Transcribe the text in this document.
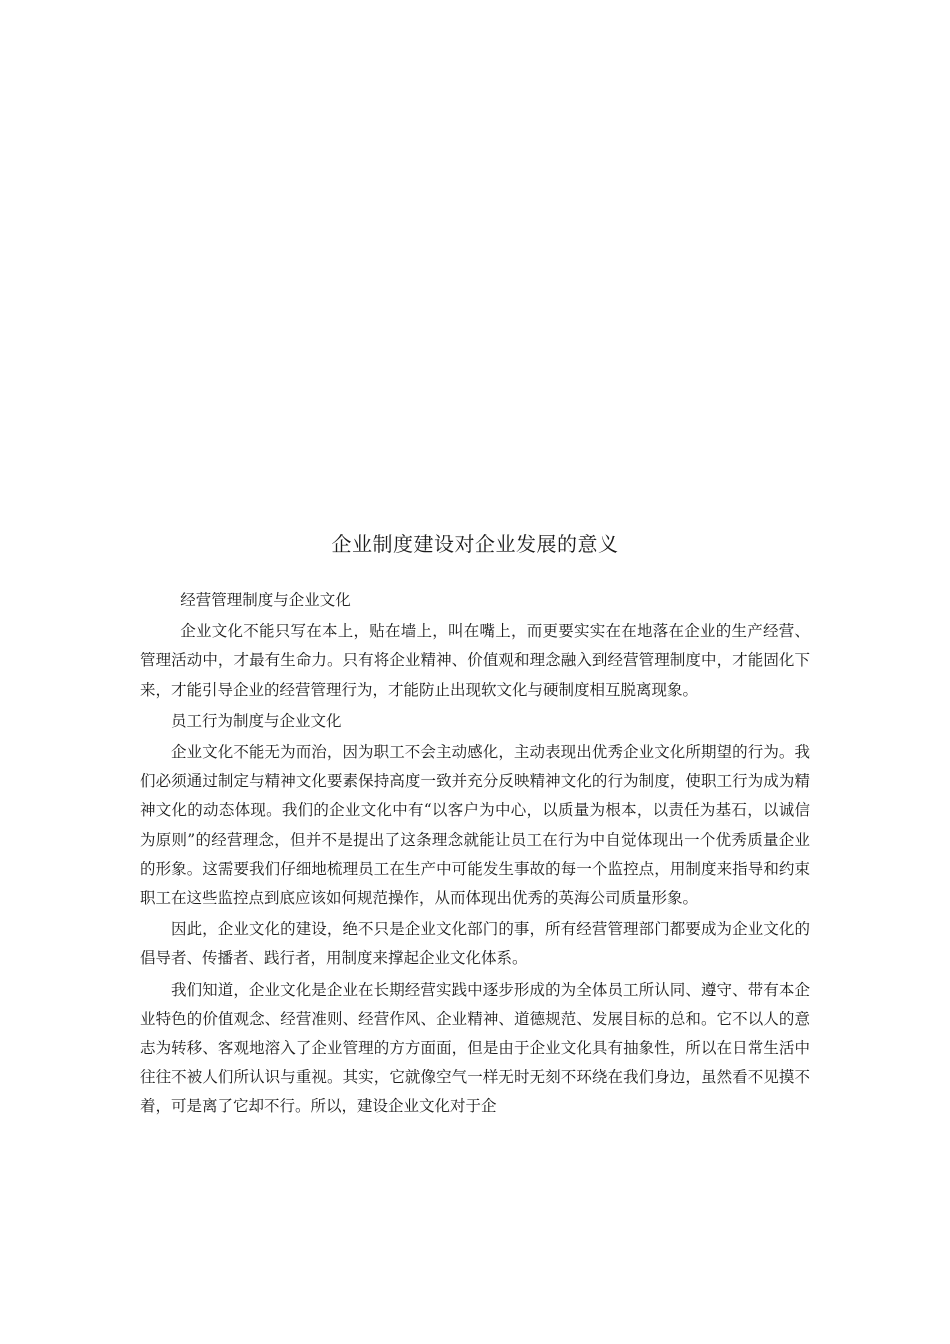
企业制度建设对企业发展的意义

经营管理制度与企业文化

企业文化不能只写在本上，贴在墙上，叫在嘴上，而更要实实在在地落在企业的生产经营、管理活动中，才最有生命力。只有将企业精神、价值观和理念融入到经营管理制度中，才能固化下来，才能引导企业的经营管理行为，才能防止出现软文化与硬制度相互脱离现象。

员工行为制度与企业文化

企业文化不能无为而治，因为职工不会主动感化，主动表现出优秀企业文化所期望的行为。我们必须通过制定与精神文化要素保持高度一致并充分反映精神文化的行为制度，使职工行为成为精神文化的动态体现。我们的企业文化中有“以客户为中心，以质量为根本，以责任为基石，以诚信为原则”的经营理念，但并不是提出了这条理念就能让员工在行为中自觉体现出一个优秀质量企业的形象。这需要我们仔细地梳理员工在生产中可能发生事故的每一个监控点，用制度来指导和约束职工在这些监控点到底应该如何规范操作，从而体现出优秀的英海公司质量形象。

因此，企业文化的建设，绝不只是企业文化部门的事，所有经营管理部门都要成为企业文化的倡导者、传播者、践行者，用制度来撑起企业文化体系。

我们知道，企业文化是企业在长期经营实践中逐步形成的为全体员工所认同、遵守、带有本企业特色的价值观念、经营准则、经营作风、企业精神、道德规范、发展目标的总和。它不以人的意志为转移、客观地溶入了企业管理的方方面面，但是由于企业文化具有抽象性，所以在日常生活中往往不被人们所认识与重视。其实，它就像空气一样无时无刻不环绕在我们身边，虽然看不见摸不着，可是离了它却不行。所以，建设企业文化对于企
